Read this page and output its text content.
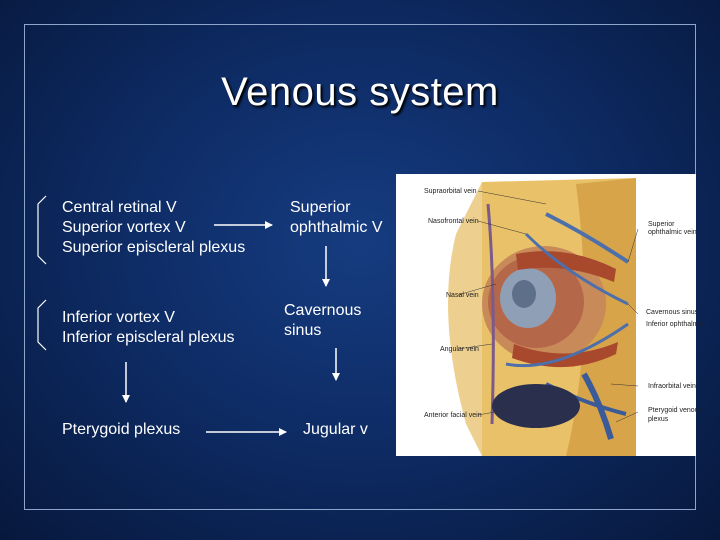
Venous system
Central retinal V
Superior vortex V
Superior episcleral plexus
Superior
ophthalmic V
Inferior vortex V
Inferior episcleral plexus
Cavernous
sinus
Pterygoid plexus	Jugular v
Supraorbital vein
Nasofrontal vein
Nasal vein
Angular vein
Anterior facial vein
Superior
ophthalmic vein
Cavernous sinus
Inferior ophthalmic
Infraorbital vein
Pterygoid venous
plexus
